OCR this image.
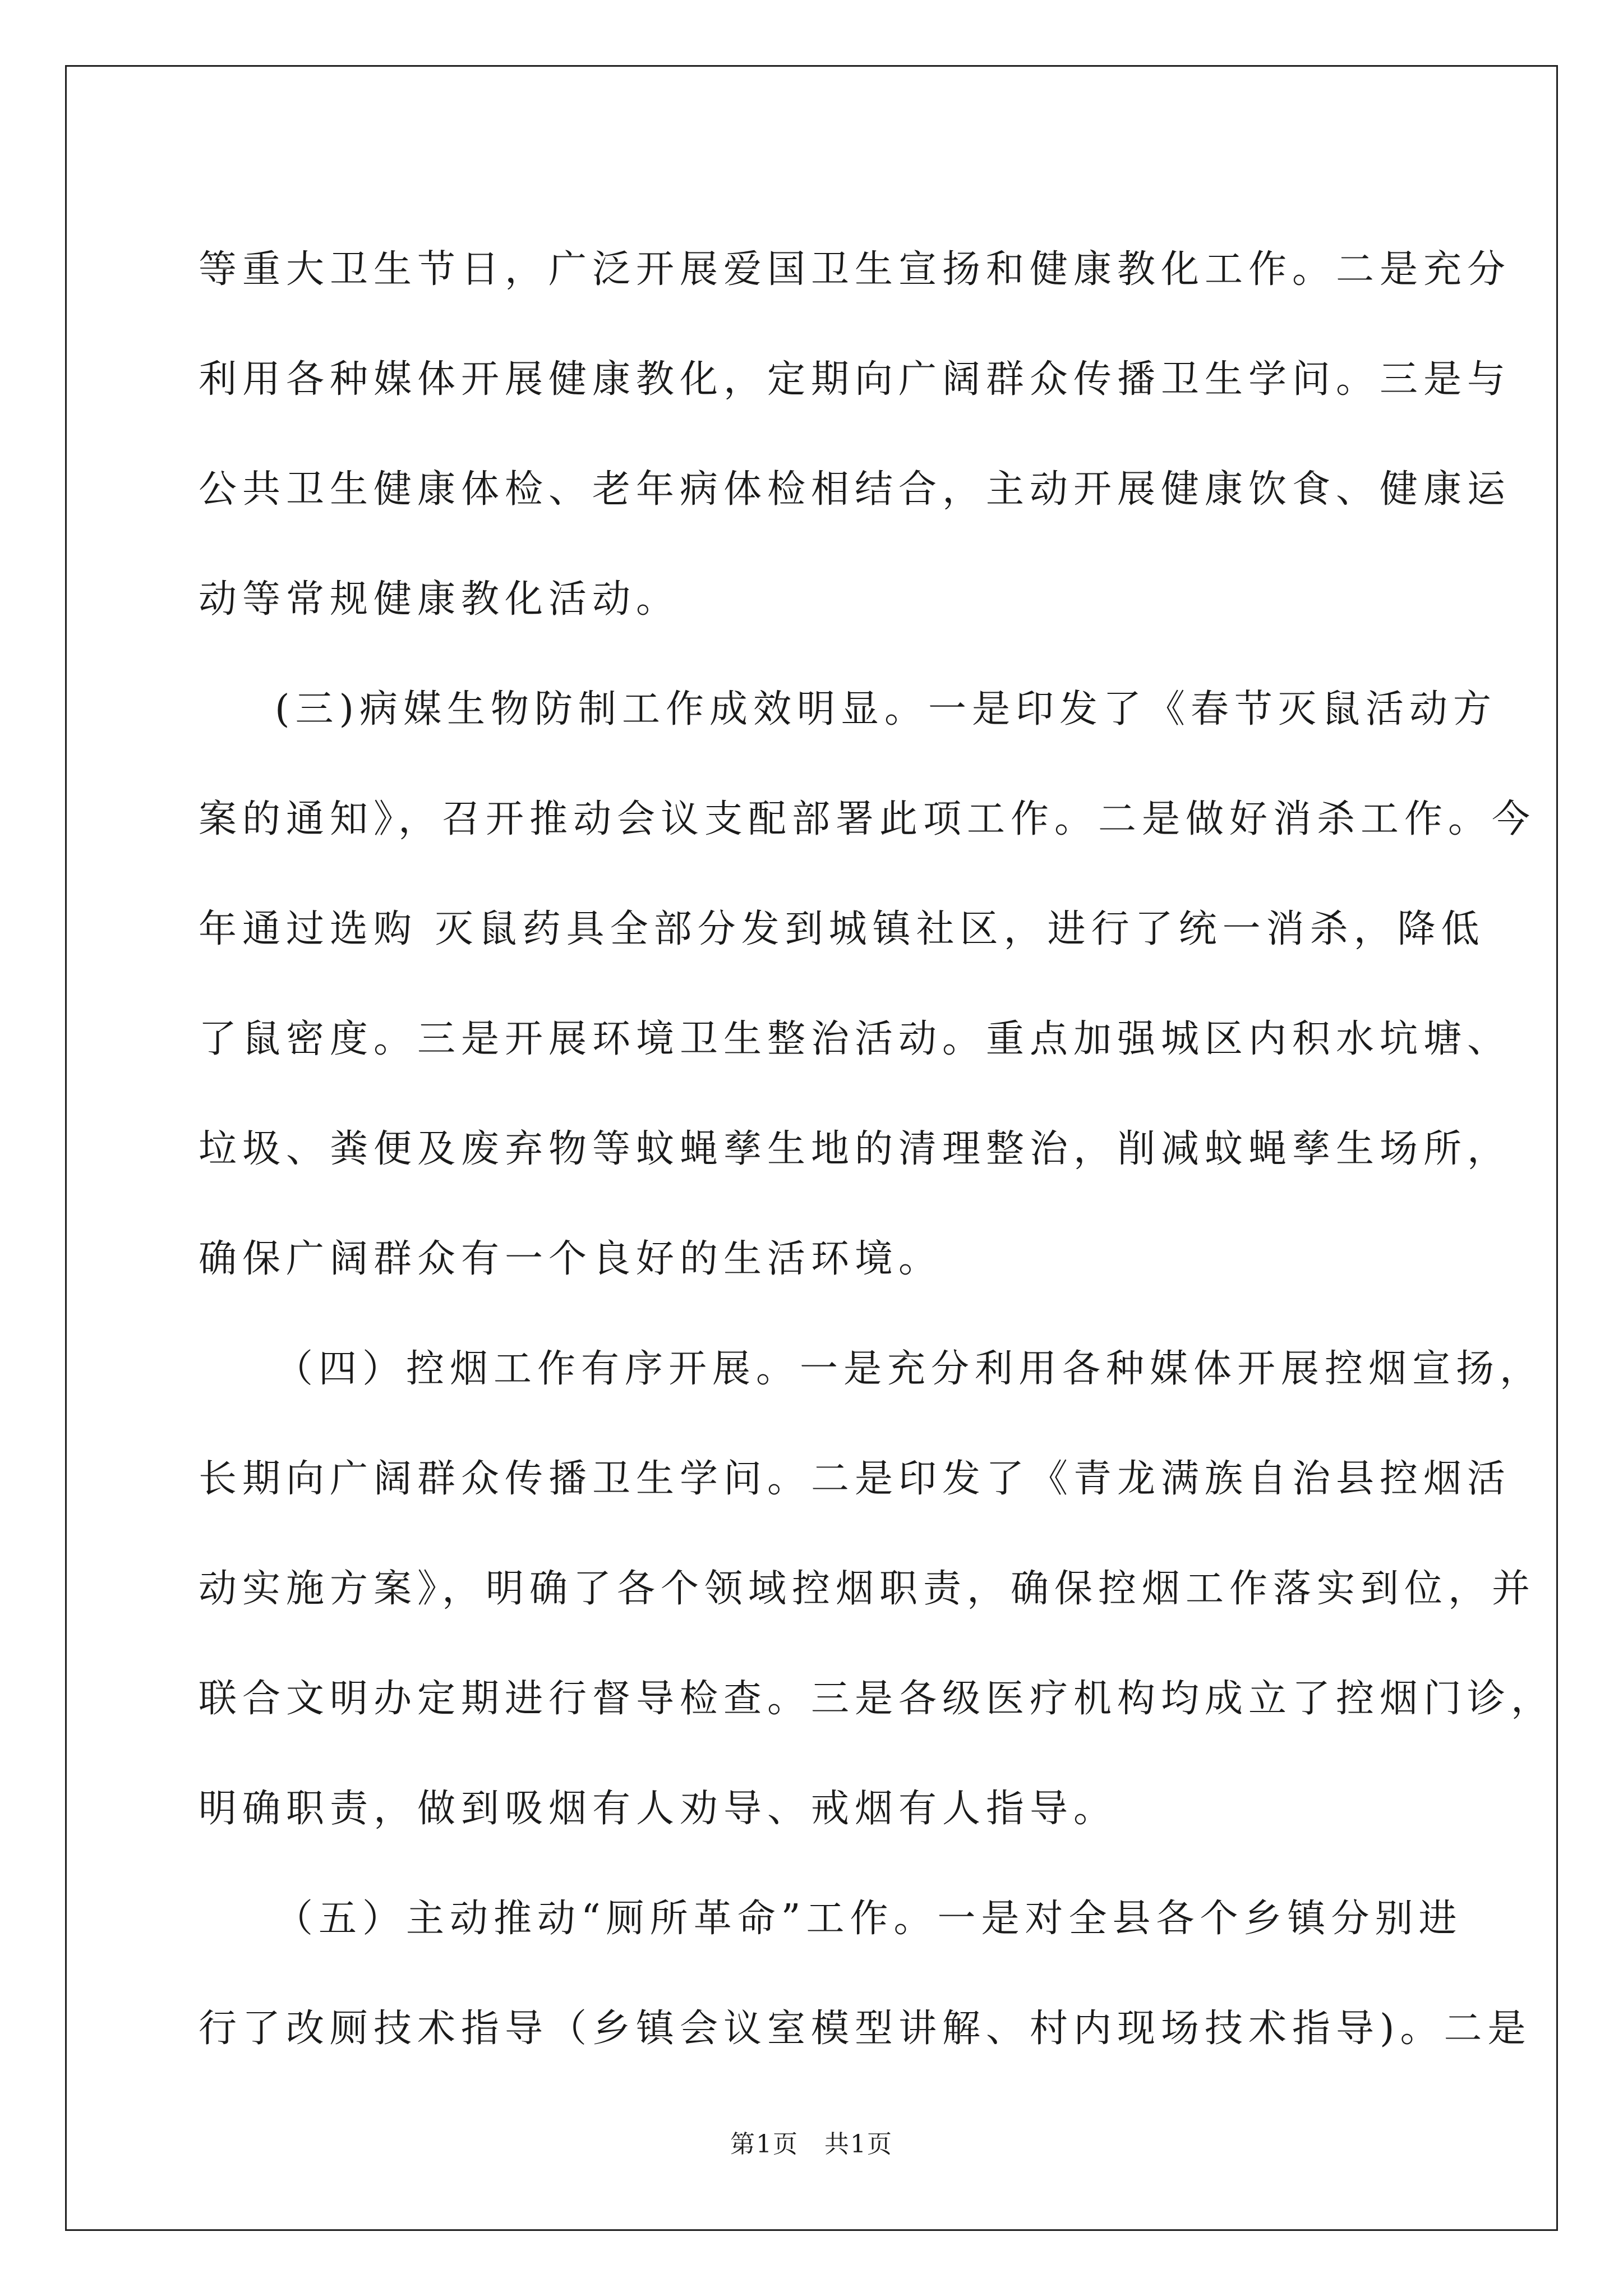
等重大卫生节日，广泛开展爱国卫生宣扬和健康教化工作。二是充分
利用各种媒体开展健康教化，定期向广阔群众传播卫生学问。三是与
公共卫生健康体检、老年病体检相结合，主动开展健康饮食、健康运
动等常规健康教化活动。

(三)病媒生物防制工作成效明显。一是印发了《春节灭鼠活动方
案的通知》，召开推动会议支配部署此项工作。二是做好消杀工作。今
年通过选购 灭鼠药具全部分发到城镇社区，进行了统一消杀，降低
了鼠密度。三是开展环境卫生整治活动。重点加强城区内积水坑塘、
垃圾、粪便及废弃物等蚊蝇孳生地的清理整治，削减蚊蝇孳生场所，
确保广阔群众有一个良好的生活环境。

（四）控烟工作有序开展。一是充分利用各种媒体开展控烟宣扬，
长期向广阔群众传播卫生学问。二是印发了《青龙满族自治县控烟活
动实施方案》，明确了各个领域控烟职责，确保控烟工作落实到位，并
联合文明办定期进行督导检查。三是各级医疗机构均成立了控烟门诊，
明确职责，做到吸烟有人劝导、戒烟有人指导。

（五）主动推动“厕所革命”工作。一是对全县各个乡镇分别进
行了改厕技术指导（乡镇会议室模型讲解、村内现场技术指导)。二是

第1页　共1页
